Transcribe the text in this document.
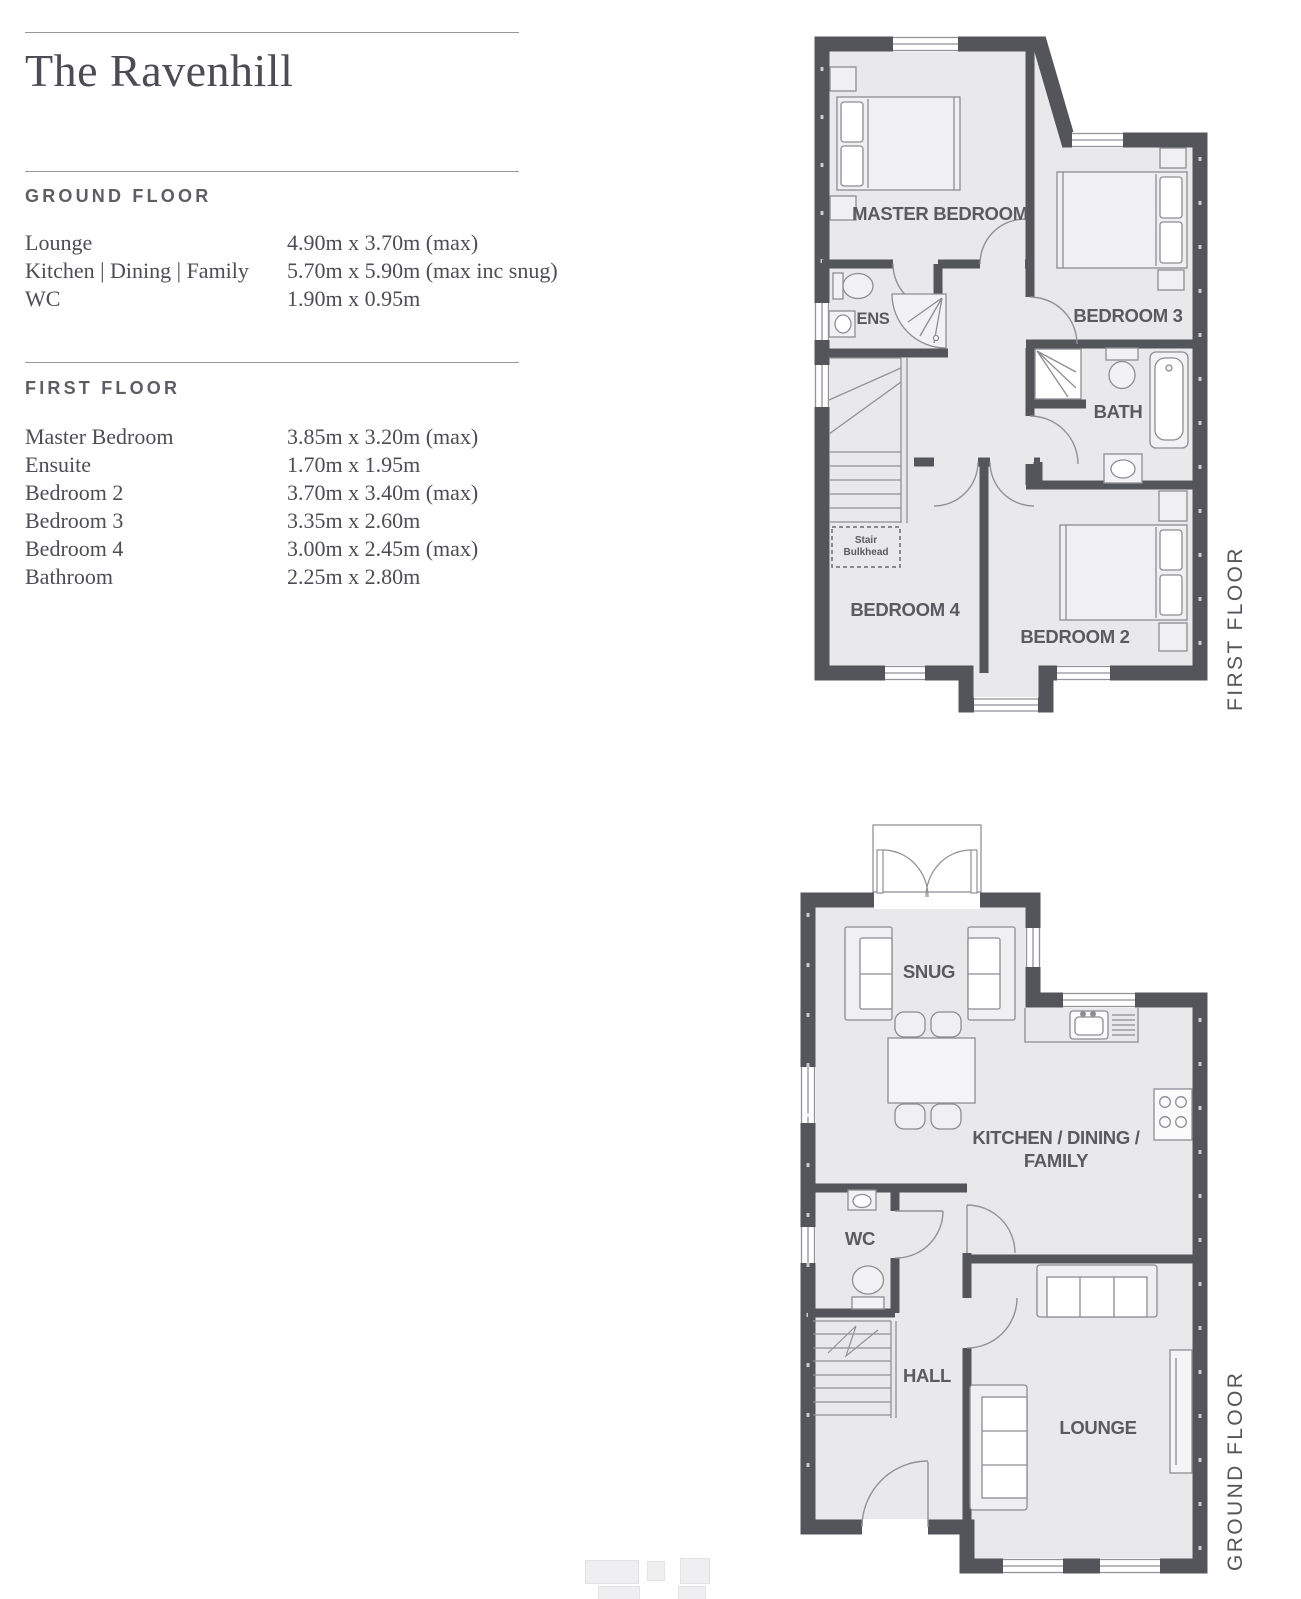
The Ravenhill
GROUND FLOOR
Lounge	4.90m x 3.70m (max)
Kitchen | Dining | Family 5.70m x 5.90m (max inc snug)
WC	1.90m x 0.95m
FIRST FLOOR
Master Bedroom	3.85m x 3.20m (max)
Ensuite	1.70m x 1.95m
Bedroom 2	3.70m x 3.40m (max)
Bedroom 3	3.35m x 2.60m
Bedroom 4	3.00m x 2.45m (max)
Bathroom	2.25m x 2.80m
MASTER BEDROOM
ENS	BEDROOM 3
BATH
BEDROOM 4
BEDROOM 2
Stair
Bulkhead	FIRST FLOOR
SNUG
KITCHEN / DINING /
FAMILY
WC
HALL
LOUNGE	GROUND FLOOR
